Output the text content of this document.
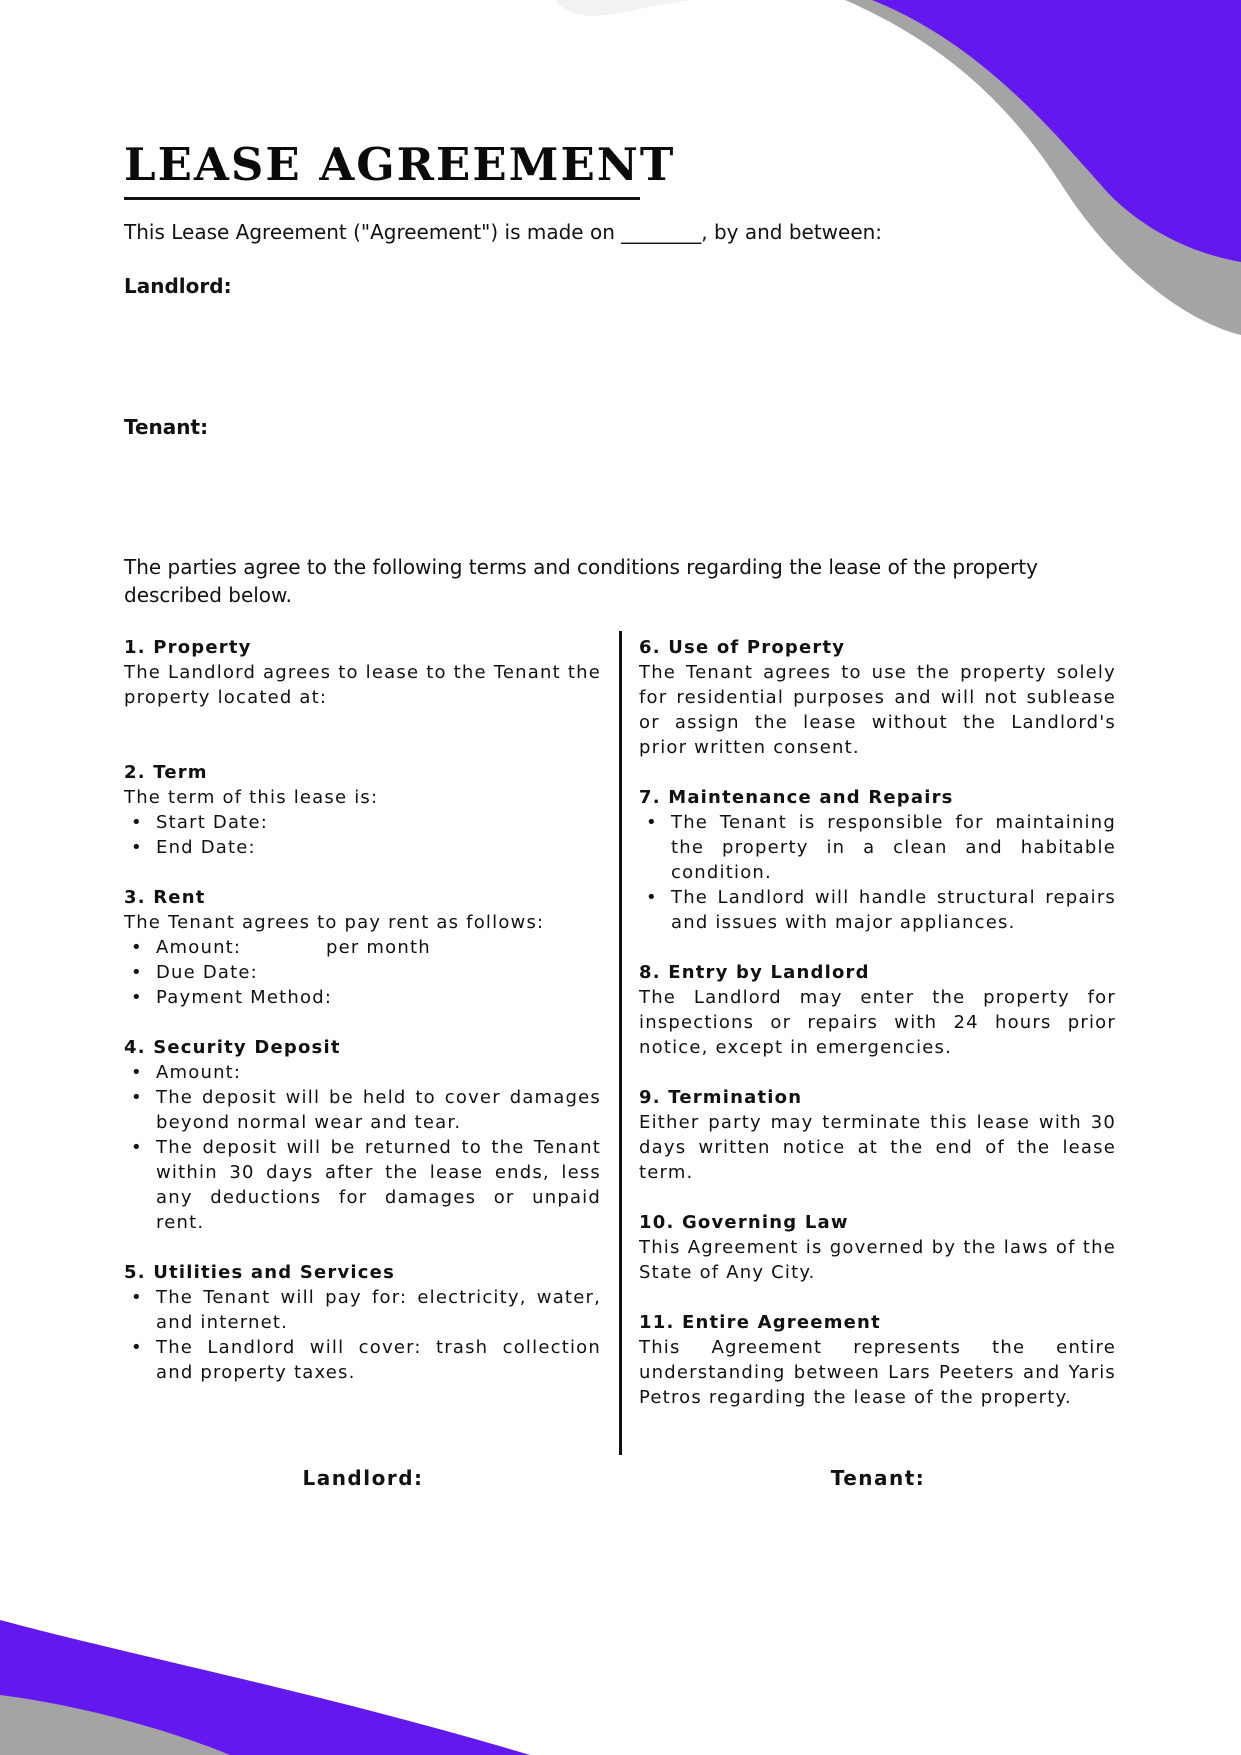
LEASE AGREEMENT
This Lease Agreement ("Agreement") is made on ________, by and between:
Landlord:
Tenant:
The parties agree to the following terms and conditions regarding the lease of the property described below.
1. Property

The Landlord agrees to lease to the Tenant the property located at:

2. Term

The term of this lease is:

• Start Date:
• End Date:
3. Rent

The Tenant agrees to pay rent as follows:

• Amount:	per month
• Due Date:
• Payment Method:
4. Security Deposit
• Amount:
• The deposit will be held to cover damages beyond normal wear and tear.
• The deposit will be returned to the Tenant within 30 days after the lease ends, less any deductions for damages or unpaid rent.
5. Utilities and Services
• The Tenant will pay for: electricity, water, and internet.
• The Landlord will cover: trash collection and property taxes.
6. Use of Property

The Tenant agrees to use the property solely for residential purposes and will not sublease or assign the lease without the Landlord's prior written consent.

7. Maintenance and Repairs
• The Tenant is responsible for maintaining the property in a clean and habitable condition.
• The Landlord will handle structural repairs and issues with major appliances.
8. Entry by Landlord

The Landlord may enter the property for inspections or repairs with 24 hours prior notice, except in emergencies.

9. Termination

Either party may terminate this lease with 30 days written notice at the end of the lease term.

10. Governing Law

This Agreement is governed by the laws of the State of Any City.

11. Entire Agreement

This Agreement represents the entire understanding between Lars Peeters and Yaris Petros regarding the lease of the property.

Landlord:	Tenant:
